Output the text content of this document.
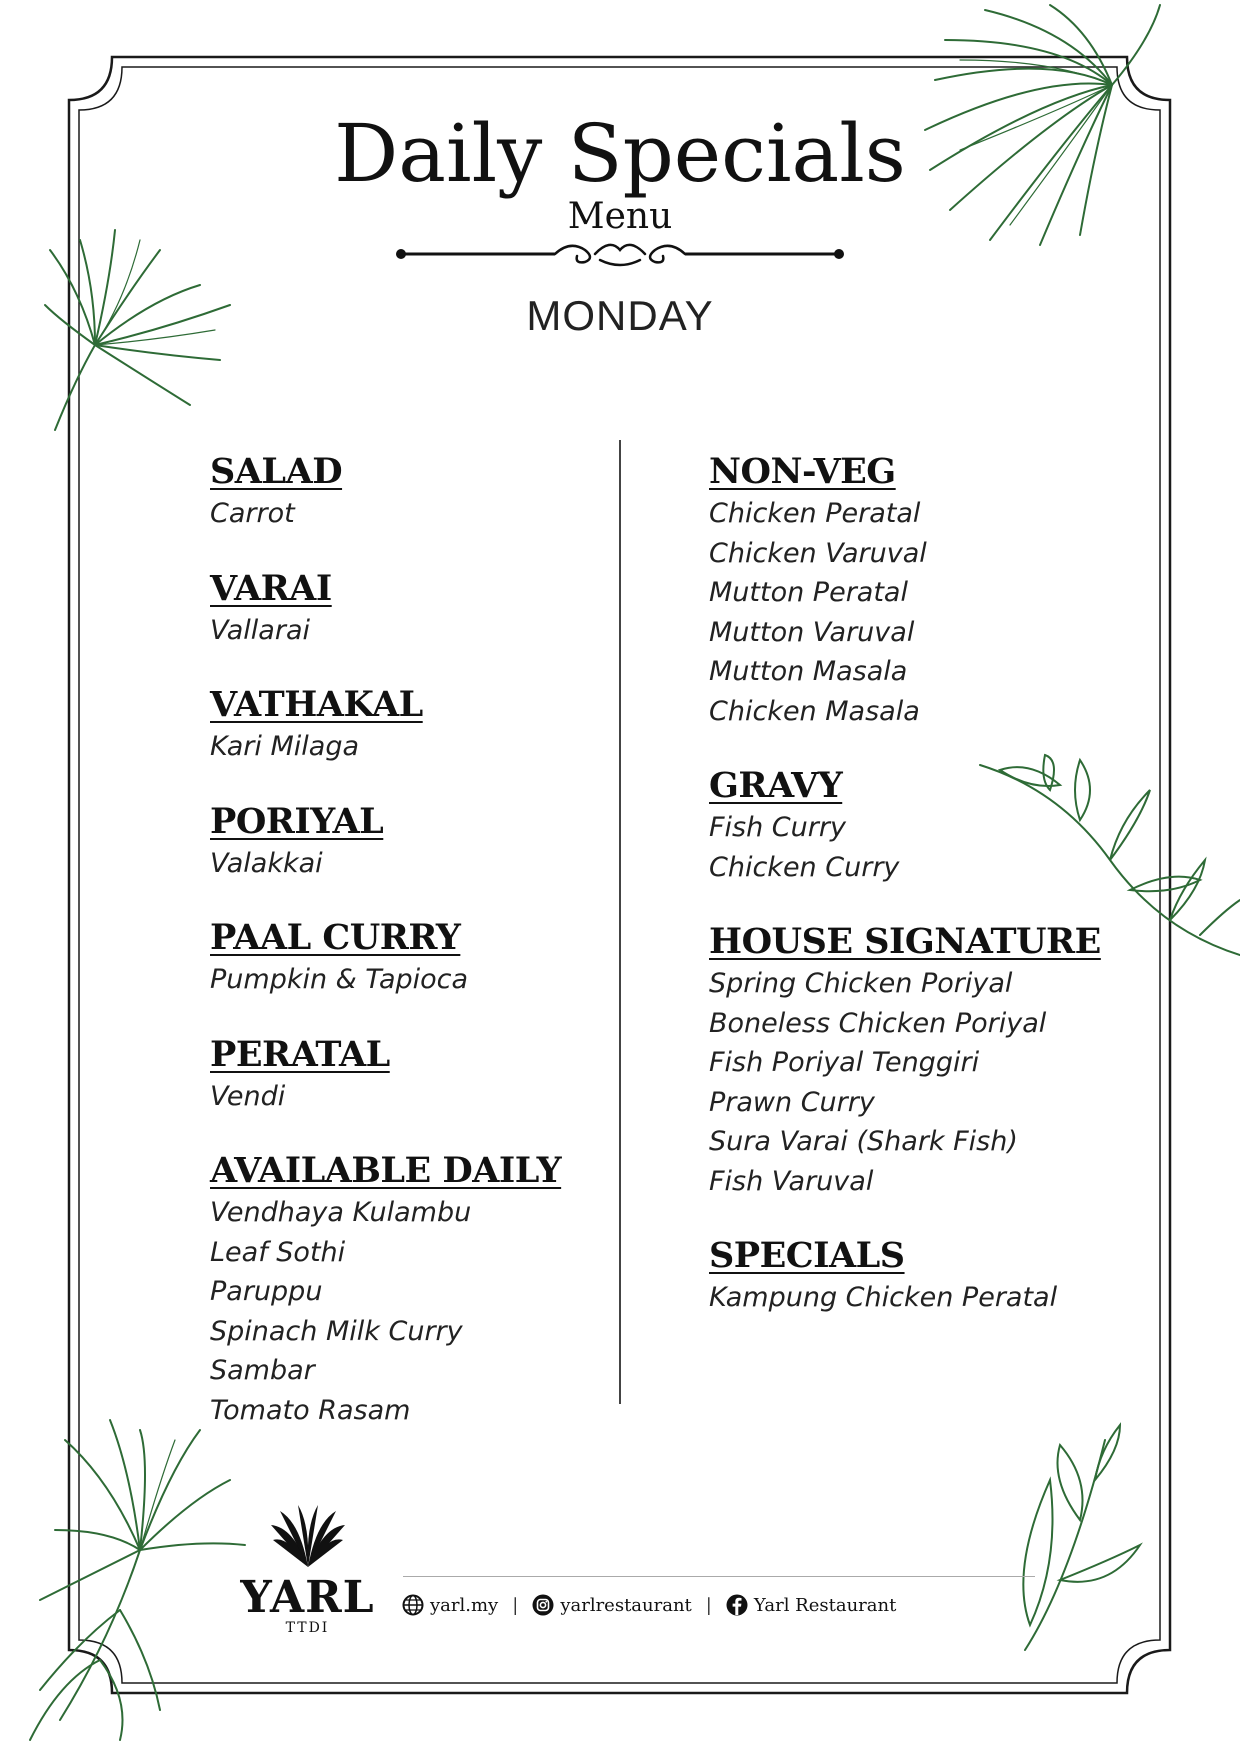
Daily Specials
Menu
MONDAY
SALAD
Carrot
VARAI
Vallarai
VATHAKAL
Kari Milaga
PORIYAL
Valakkai
PAAL CURRY
Pumpkin & Tapioca
PERATAL
Vendi
AVAILABLE DAILY
Vendhaya Kulambu
Leaf Sothi
Paruppu
Spinach Milk Curry
Sambar
Tomato Rasam
NON-VEG
Chicken Peratal
Chicken Varuval
Mutton Peratal
Mutton Varuval
Mutton Masala
Chicken Masala
GRAVY
Fish Curry
Chicken Curry
HOUSE SIGNATURE
Spring Chicken Poriyal
Boneless Chicken Poriyal
Fish Poriyal Tenggiri
Prawn Curry
Sura Varai (Shark Fish)
Fish Varuval
SPECIALS
Kampung Chicken Peratal
YARL
TTDI
yarl.my | yarlrestaurant | Yarl Restaurant
